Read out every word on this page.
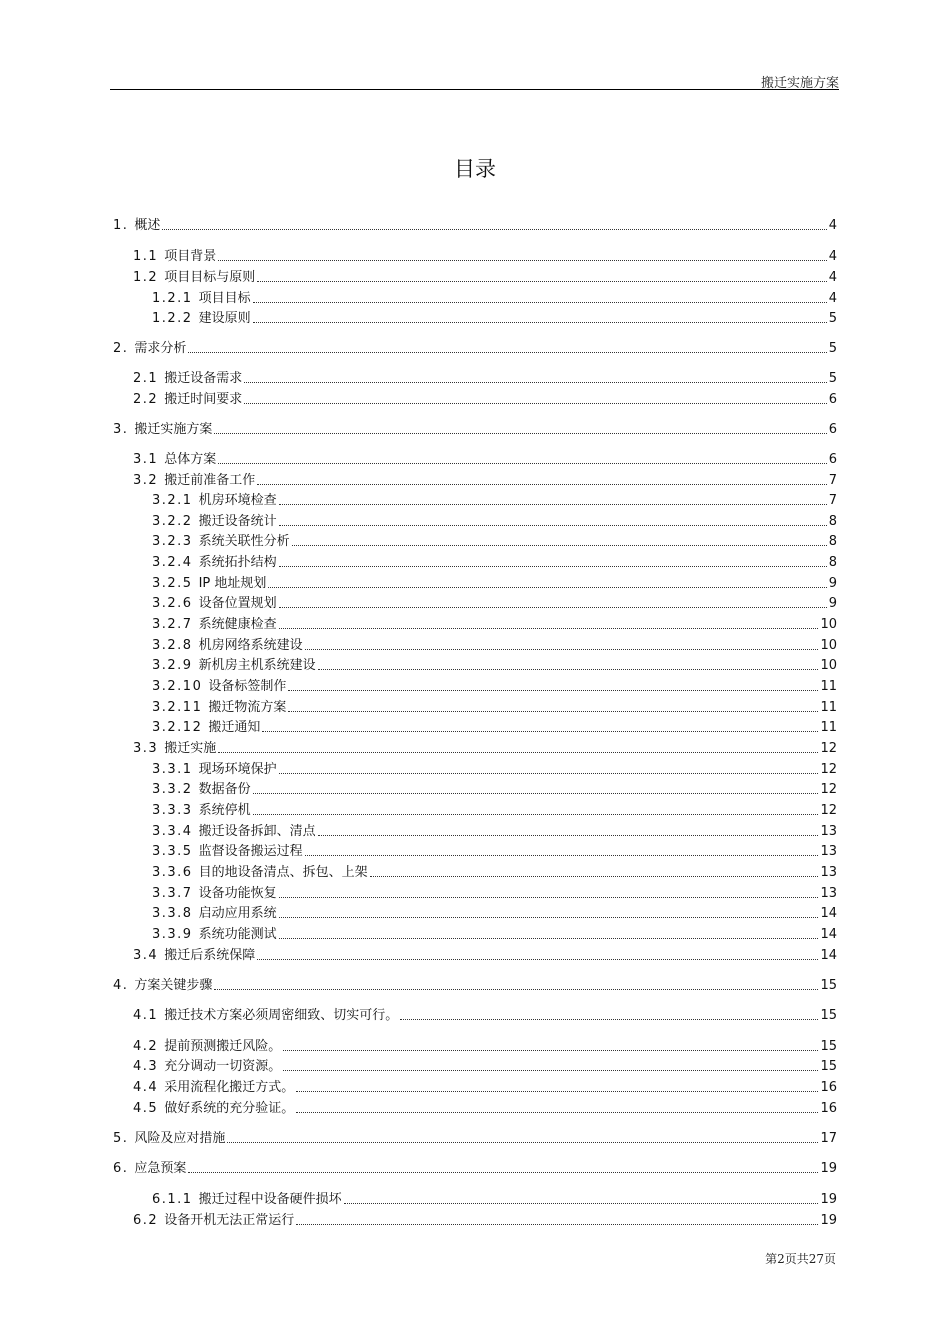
搬迁实施方案
目录
1. 概述	4
1.1 项目背景	4
1.2 项目目标与原则	4
1.2.1 项目目标	4
1.2.2 建设原则	5
2. 需求分析	5
2.1 搬迁设备需求	5
2.2 搬迁时间要求	6
3. 搬迁实施方案	6
3.1 总体方案	6
3.2 搬迁前准备工作	7
3.2.1 机房环境检查	7
3.2.2 搬迁设备统计	8
3.2.3 系统关联性分析	8
3.2.4 系统拓扑结构	8
3.2.5 IP 地址规划	9
3.2.6 设备位置规划	9
3.2.7 系统健康检查	10
3.2.8 机房网络系统建设	10
3.2.9 新机房主机系统建设	10
3.2.10 设备标签制作	11
3.2.11 搬迁物流方案	11
3.2.12 搬迁通知	11
3.3 搬迁实施	12
3.3.1 现场环境保护	12
3.3.2 数据备份	12
3.3.3 系统停机	12
3.3.4 搬迁设备拆卸、清点	13
3.3.5 监督设备搬运过程	13
3.3.6 目的地设备清点、拆包、上架	13
3.3.7 设备功能恢复	13
3.3.8 启动应用系统	14
3.3.9 系统功能测试	14
3.4 搬迁后系统保障	14
4. 方案关键步骤	15
4.1 搬迁技术方案必须周密细致、切实可行。	15
4.2 提前预测搬迁风险。	15
4.3 充分调动一切资源。	15
4.4 采用流程化搬迁方式。	16
4.5 做好系统的充分验证。	16
5. 风险及应对措施	17
6. 应急预案	19
6.1.1 搬迁过程中设备硬件损坏	19
6.2 设备开机无法正常运行	19
第2页共27页
